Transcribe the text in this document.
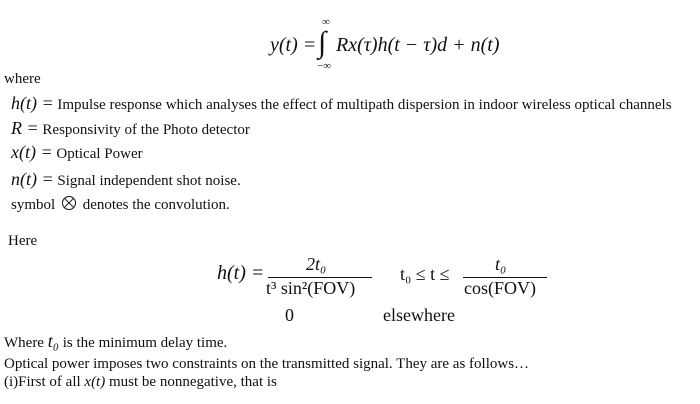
y(t) =
∞
∫
−∞
Rx(τ)h(t − τ)d + n(t)
where
h(t) = Impulse response which analyses the effect of multipath dispersion in indoor wireless optical channels
R = Responsivity of the Photo detector
x(t) = Optical Power
n(t) = Signal independent shot noise.
symbol denotes the convolution.
Here
h(t) = 2t₀
t³ sin²(FOV)
t₀ ≤ t ≤	t₀
cos(FOV)
0	elsewhere
Where t₀ is the minimum delay time.
Optical power imposes two constraints on the transmitted signal. They are as follows…
(i)First of all x(t) must be nonnegative, that is
